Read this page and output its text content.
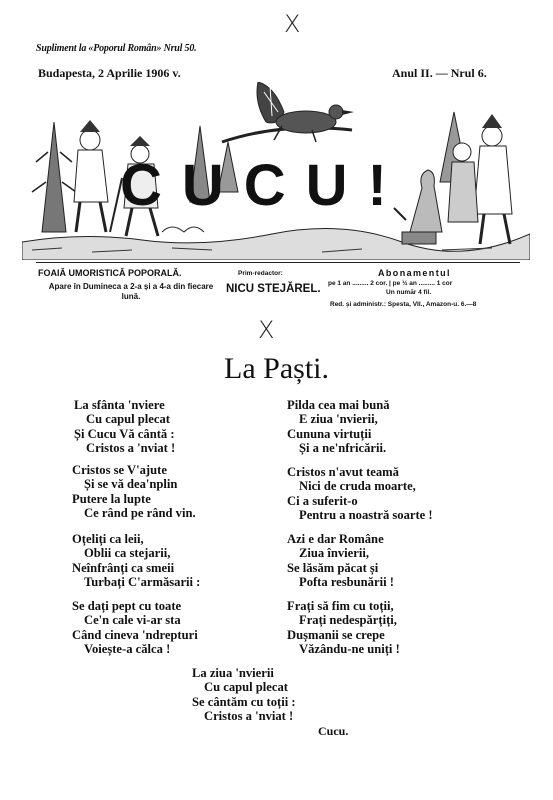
X
X
Supliment la «Poporul Român» Nrul 50.
Budapesta, 2 Aprilie 1906 v.	Anul II. — Nrul 6.
CUCU!
FOAIĂ UMORISTICĂ POPORALĂ.
Apare în Dumineca a 2-a și a 4-a din fiecare lună.
Prim-redactor:
NICU STEJĂREL.
Abonamentul
pe 1 an ......... 2 cor. | pe ½ an ......... 1 cor
Un număr 4 fil.
Red. și administr.: Spesta, VII., Amazon-u. 6.—8
La Paști.
La sfânta 'nviere
Cu capul plecat
Și Cucu Vă cântă :
Cristos a 'nviat !
Cristos se V'ajute
Și se vă dea'nplin
Putere la lupte
Ce rând pe rând vin.
Oțeliți ca leii,
Oblii ca stejarii,
Neînfrânți ca smeii
Turbați C'armăsarii :
Se dați pept cu toate
Ce'n cale vi-ar sta
Când cineva 'ndrepturi
Voiește-a călca !
Pilda cea mai bună
E ziua 'nvierii,
Cununa virtuții
Și a ne'nfricării.
Cristos n'avut teamă
Nici de cruda moarte,
Ci a suferit-o
Pentru a noastră soarte !
Azi e dar Române
Ziua învierii,
Se lăsăm păcat și
Pofta resbunării !
Frați să fim cu toții,
Frați nedespărțiți,
Dușmanii se crepe
Văzându-ne uniți !
La ziua 'nvierii
Cu capul plecat
Se cântăm cu toții :
Cristos a 'nviat !
Cucu.
